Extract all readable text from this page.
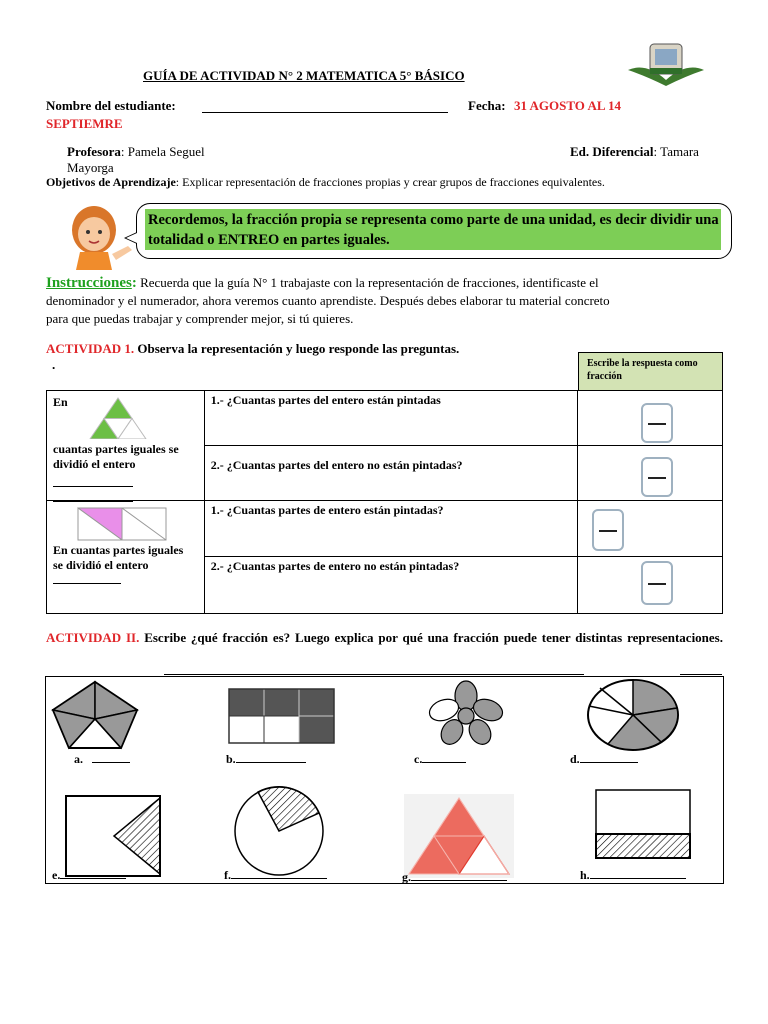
GUÍA DE ACTIVIDAD N° 2 MATEMATICA 5° BÁSICO
Nombre del estudiante:	Fecha: 31 AGOSTO AL 14
SEPTIEMRE
Profesora: Pamela Seguel
Mayorga
Ed. Diferencial: Tamara
Objetivos de Aprendizaje: Explicar representación de fracciones propias y crear grupos de fracciones equivalentes.
Recordemos, la fracción propia se representa como parte de una unidad, es decir dividir una totalidad o ENTREO en partes iguales.
Instrucciones: Recuerda que la guía N° 1 trabajaste con la representación de fracciones, identificaste el
denominador y el numerador, ahora veremos cuanto aprendiste. Después debes elaborar tu material concreto
para que puedas trabajar y comprender mejor, si tú quieres.
ACTIVIDAD 1. Observa la representación y luego responde las preguntas.
.	Escribe la respuesta como fracción
En
cuantas partes iguales se dividió el entero	1.- ¿Cuantas partes del entero están pintadas	

	2.- ¿Cuantas partes del entero no están pintadas?	

En cuantas partes iguales se dividió el entero	1.- ¿Cuantas partes de entero están pintadas?	

	2.- ¿Cuantas partes de entero no están pintadas?	
ACTIVIDAD II. Escribe ¿qué fracción es? Luego explica por qué una fracción puede tener distintas representaciones.
a.	b.	c.	d.
e.	f.	g.	h.
